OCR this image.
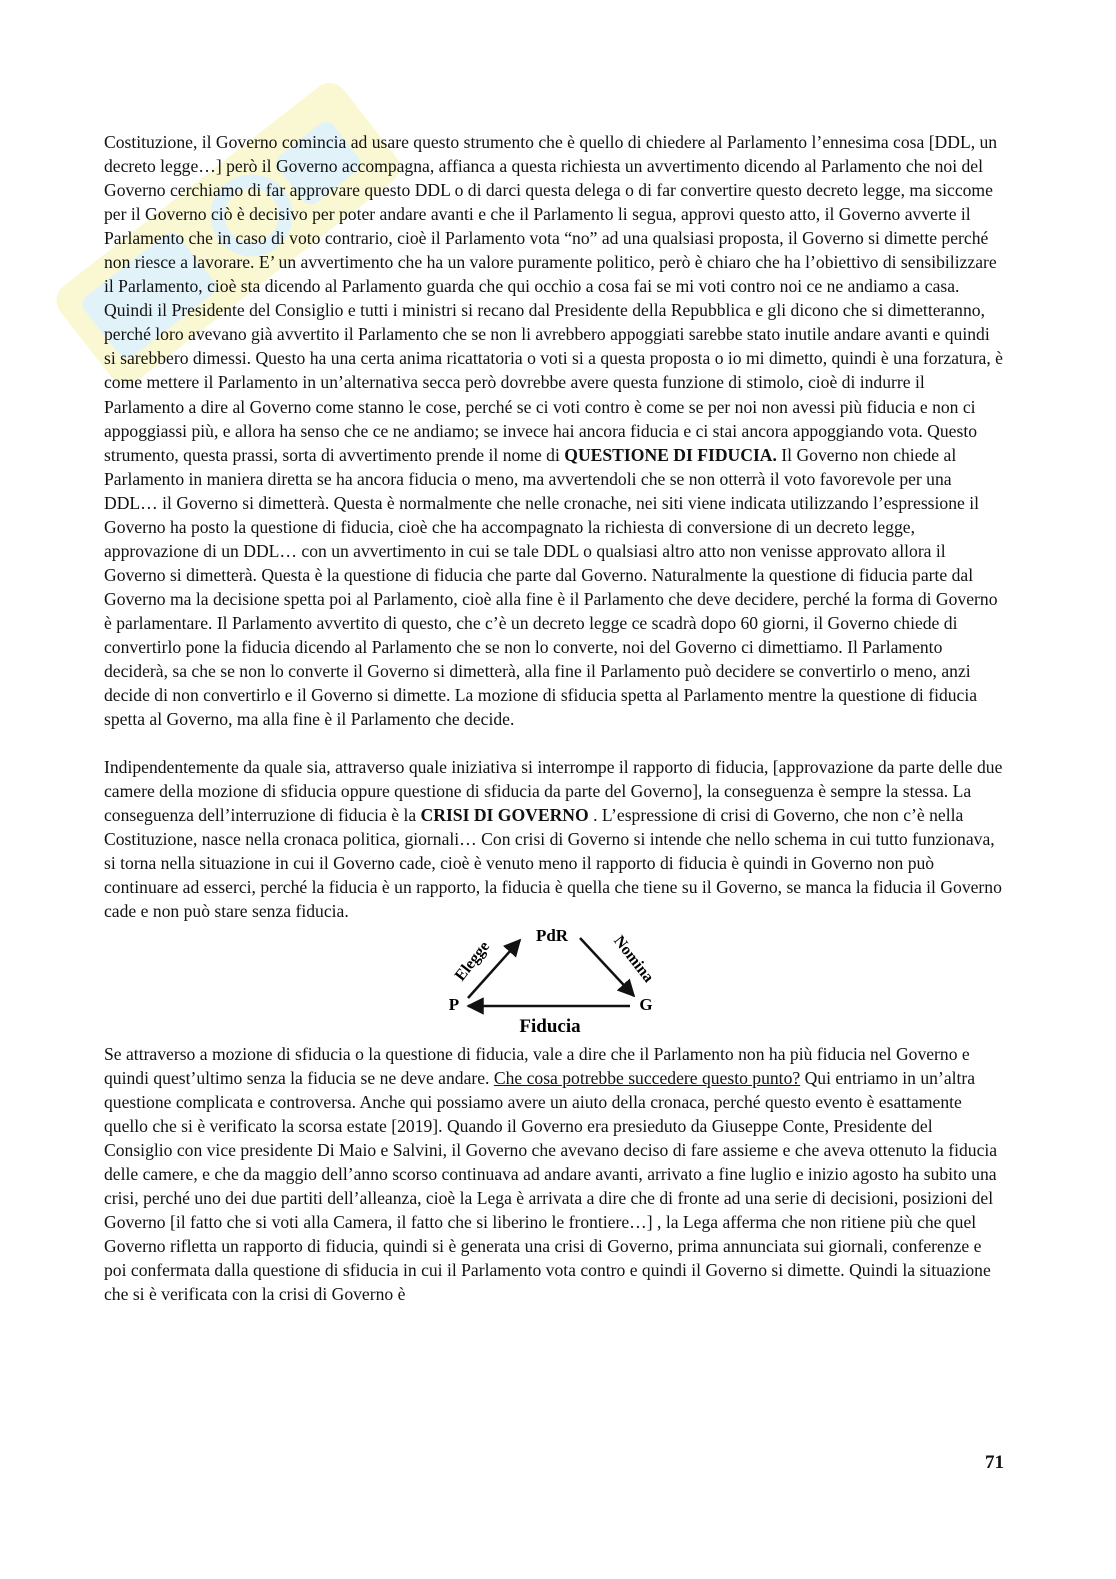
Costituzione, il Governo comincia ad usare questo strumento che è quello di chiedere al Parlamento l’ennesima cosa [DDL, un decreto legge…] però il Governo accompagna, affianca a questa richiesta un avvertimento dicendo al Parlamento che noi del Governo cerchiamo di far approvare questo DDL o di darci questa delega o di far convertire questo decreto legge, ma siccome per il Governo ciò è decisivo per poter andare avanti e che il Parlamento li segua, approvi questo atto, il Governo avverte il Parlamento che in caso di voto contrario, cioè il Parlamento vota “no” ad una qualsiasi proposta, il Governo si dimette perché non riesce a lavorare. E’ un avvertimento che ha un valore puramente politico, però è chiaro che ha l’obiettivo di sensibilizzare il Parlamento, cioè sta dicendo al Parlamento guarda che qui occhio a cosa fai se mi voti contro noi ce ne andiamo a casa. Quindi il Presidente del Consiglio e tutti i ministri si recano dal Presidente della Repubblica e gli dicono che si dimetteranno, perché loro avevano già avvertito il Parlamento che se non li avrebbero appoggiati sarebbe stato inutile andare avanti e quindi si sarebbero dimessi. Questo ha una certa anima ricattatoria o voti si a questa proposta o io mi dimetto, quindi è una forzatura, è come mettere il Parlamento in un’alternativa secca però dovrebbe avere questa funzione di stimolo, cioè di indurre il Parlamento a dire al Governo come stanno le cose, perché se ci voti contro è come se per noi non avessi più fiducia e non ci appoggiassi più, e allora ha senso che ce ne andiamo; se invece hai ancora fiducia e ci stai ancora appoggiando vota. Questo strumento, questa prassi, sorta di avvertimento prende il nome di QUESTIONE DI FIDUCIA. Il Governo non chiede al Parlamento in maniera diretta se ha ancora fiducia o meno, ma avvertendoli che se non otterrà il voto favorevole per una DDL… il Governo si dimetterà. Questa è normalmente che nelle cronache, nei siti viene indicata utilizzando l’espressione il Governo ha posto la questione di fiducia, cioè che ha accompagnato la richiesta di conversione di un decreto legge, approvazione di un DDL… con un avvertimento in cui se tale DDL o qualsiasi altro atto non venisse approvato allora il Governo si dimetterà. Questa è la questione di fiducia che parte dal Governo. Naturalmente la questione di fiducia parte dal Governo ma la decisione spetta poi al Parlamento, cioè alla fine è il Parlamento che deve decidere, perché la forma di Governo è parlamentare. Il Parlamento avvertito di questo, che c’è un decreto legge ce scadrà dopo 60 giorni, il Governo chiede di convertirlo pone la fiducia dicendo al Parlamento che se non lo converte, noi del Governo ci dimettiamo. Il Parlamento deciderà, sa che se non lo converte il Governo si dimetterà, alla fine il Parlamento può decidere se convertirlo o meno, anzi decide di non convertirlo e il Governo si dimette. La mozione di sfiducia spetta al Parlamento mentre la questione di fiducia spetta al Governo, ma alla fine è il Parlamento che decide.

Indipendentemente da quale sia, attraverso quale iniziativa si interrompe il rapporto di fiducia, [approvazione da parte delle due camere della mozione di sfiducia oppure questione di sfiducia da parte del Governo], la conseguenza è sempre la stessa. La conseguenza dell’interruzione di fiducia è la CRISI DI GOVERNO . L’espressione di crisi di Governo, che non c’è nella Costituzione, nasce nella cronaca politica, giornali… Con crisi di Governo si intende che nello schema in cui tutto funzionava, si torna nella situazione in cui il Governo cade, cioè è venuto meno il rapporto di fiducia è quindi in Governo non può continuare ad esserci, perché la fiducia è un rapporto, la fiducia è quella che tiene su il Governo, se manca la fiducia il Governo cade e non può stare senza fiducia.

PdR
P	G
Elegge	Nomina
Fiducia

Se attraverso a mozione di sfiducia o la questione di fiducia, vale a dire che il Parlamento non ha più fiducia nel Governo e quindi quest’ultimo senza la fiducia se ne deve andare. Che cosa potrebbe succedere questo punto? Qui entriamo in un’altra questione complicata e controversa. Anche qui possiamo avere un aiuto della cronaca, perché questo evento è esattamente quello che si è verificato la scorsa estate [2019]. Quando il Governo era presieduto da Giuseppe Conte, Presidente del Consiglio con vice presidente Di Maio e Salvini, il Governo che avevano deciso di fare assieme e che aveva ottenuto la fiducia delle camere, e che da maggio dell’anno scorso continuava ad andare avanti, arrivato a fine luglio e inizio agosto ha subito una crisi, perché uno dei due partiti dell’alleanza, cioè la Lega è arrivata a dire che di fronte ad una serie di decisioni, posizioni del Governo [il fatto che si voti alla Camera, il fatto che si liberino le frontiere…] , la Lega afferma che non ritiene più che quel Governo rifletta un rapporto di fiducia, quindi si è generata una crisi di Governo, prima annunciata sui giornali, conferenze e poi confermata dalla questione di sfiducia in cui il Parlamento vota contro e quindi il Governo si dimette. Quindi la situazione che si è verificata con la crisi di Governo è

71
